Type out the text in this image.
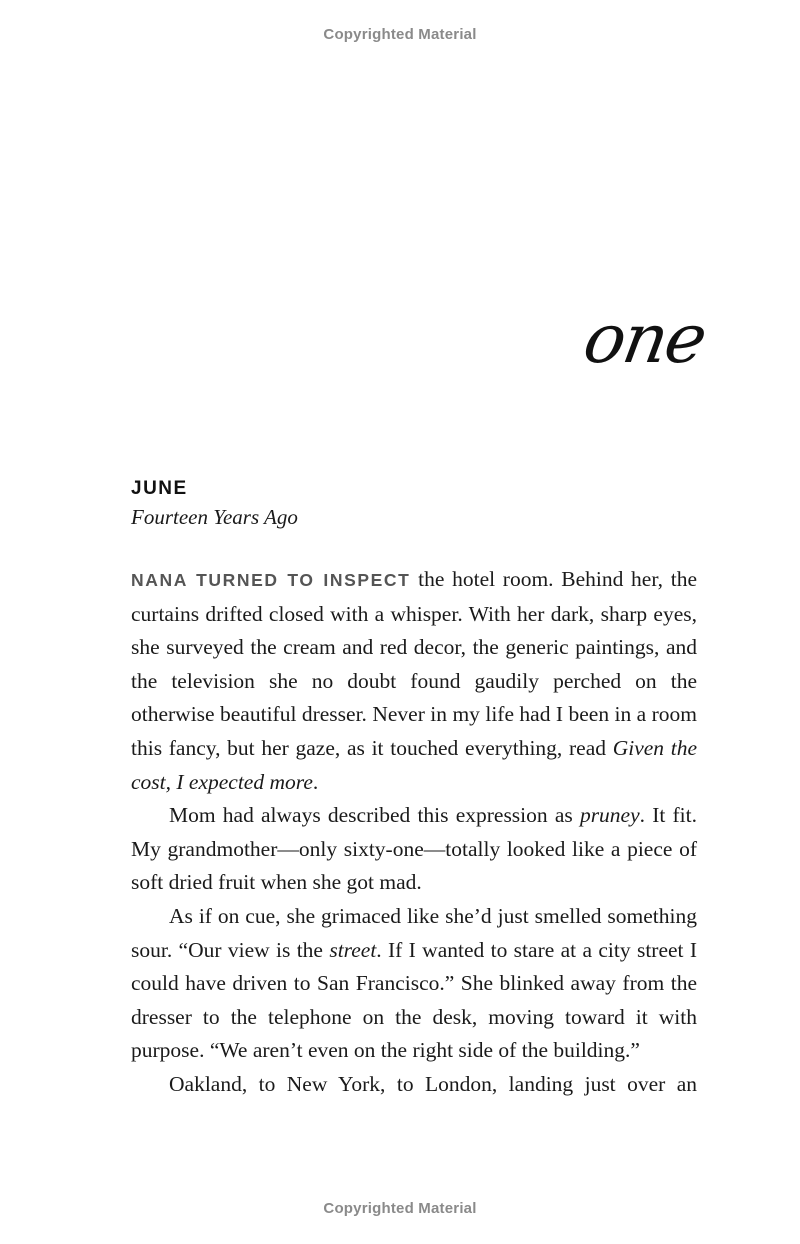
Copyrighted Material
one
JUNE
Fourteen Years Ago

NANA TURNED TO INSPECT the hotel room. Behind her, the curtains drifted closed with a whisper. With her dark, sharp eyes, she surveyed the cream and red decor, the generic paintings, and the television she no doubt found gaudily perched on the otherwise beautiful dresser. Never in my life had I been in a room this fancy, but her gaze, as it touched everything, read Given the cost, I expected more.

Mom had always described this expression as pruney. It fit. My grandmother—only sixty-one—totally looked like a piece of soft dried fruit when she got mad.

As if on cue, she grimaced like she’d just smelled something sour. “Our view is the street. If I wanted to stare at a city street I could have driven to San Francisco.” She blinked away from the dresser to the telephone on the desk, moving toward it with purpose. “We aren’t even on the right side of the building.”

Oakland, to New York, to London, landing just over an

Copyrighted Material
